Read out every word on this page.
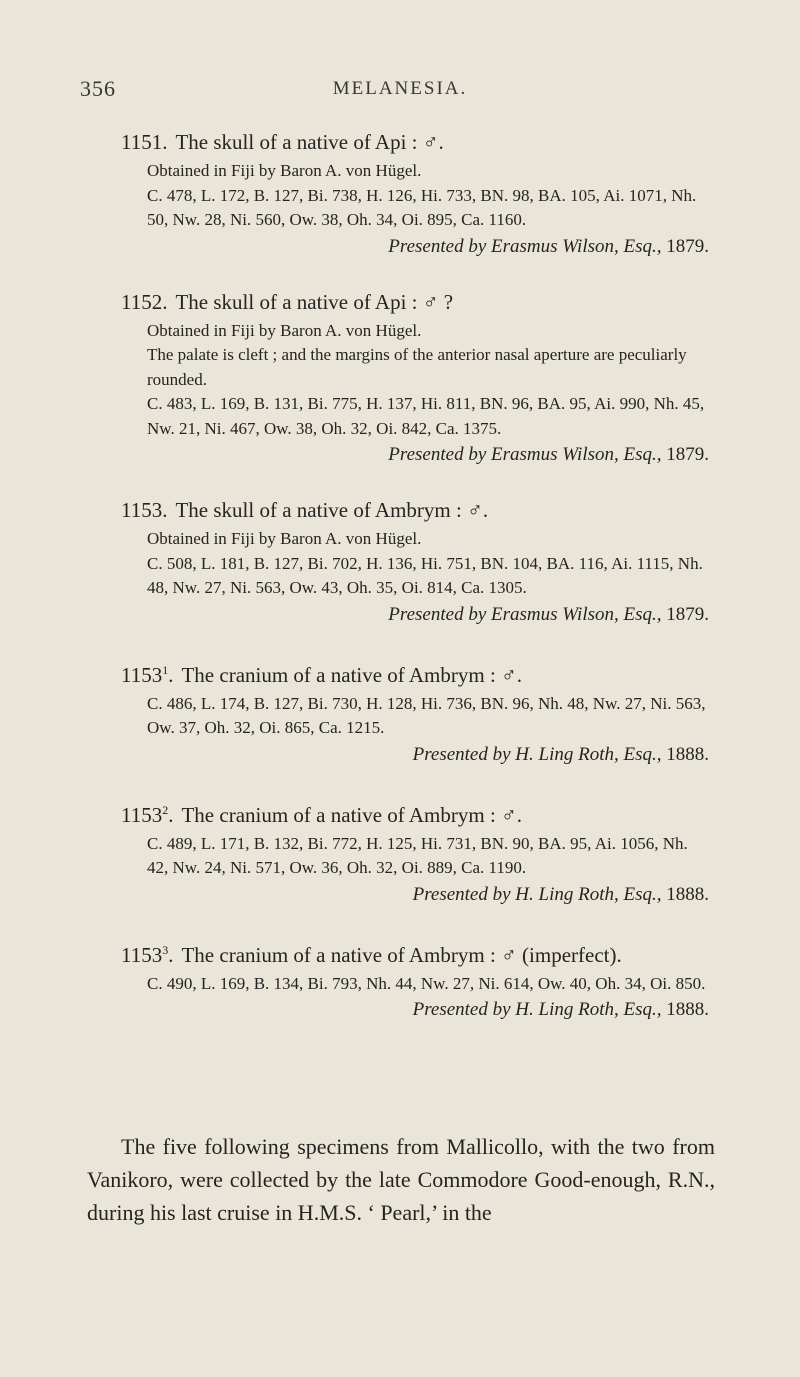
356	MELANESIA.
1151. The skull of a native of Api : ♂.

Obtained in Fiji by Baron A. von Hügel.

C. 478, L. 172, B. 127, Bi. 738, H. 126, Hi. 733, BN. 98, BA. 105, Ai. 1071, Nh. 50, Nw. 28, Ni. 560, Ow. 38, Oh. 34, Oi. 895, Ca. 1160.

Presented by Erasmus Wilson, Esq., 1879.
1152. The skull of a native of Api : ♂ ?

Obtained in Fiji by Baron A. von Hügel.

The palate is cleft ; and the margins of the anterior nasal aperture are peculiarly rounded.

C. 483, L. 169, B. 131, Bi. 775, H. 137, Hi. 811, BN. 96, BA. 95, Ai. 990, Nh. 45, Nw. 21, Ni. 467, Ow. 38, Oh. 32, Oi. 842, Ca. 1375.

Presented by Erasmus Wilson, Esq., 1879.
1153. The skull of a native of Ambrym : ♂.

Obtained in Fiji by Baron A. von Hügel.

C. 508, L. 181, B. 127, Bi. 702, H. 136, Hi. 751, BN. 104, BA. 116, Ai. 1115, Nh. 48, Nw. 27, Ni. 563, Ow. 43, Oh. 35, Oi. 814, Ca. 1305.

Presented by Erasmus Wilson, Esq., 1879.
1153$^1$. The cranium of a native of Ambrym : ♂.

C. 486, L. 174, B. 127, Bi. 730, H. 128, Hi. 736, BN. 96, Nh. 48, Nw. 27, Ni. 563, Ow. 37, Oh. 32, Oi. 865, Ca. 1215.

Presented by H. Ling Roth, Esq., 1888.
1153$^2$. The cranium of a native of Ambrym : ♂.

C. 489, L. 171, B. 132, Bi. 772, H. 125, Hi. 731, BN. 90, BA. 95, Ai. 1056, Nh. 42, Nw. 24, Ni. 571, Ow. 36, Oh. 32, Oi. 889, Ca. 1190.

Presented by H. Ling Roth, Esq., 1888.
1153$^3$. The cranium of a native of Ambrym : ♂ (imperfect).

C. 490, L. 169, B. 134, Bi. 793, Nh. 44, Nw. 27, Ni. 614, Ow. 40, Oh. 34, Oi. 850.

Presented by H. Ling Roth, Esq., 1888.

The five following specimens from Mallicollo, with the two from Vanikoro, were collected by the late Commodore Good-enough, R.N., during his last cruise in H.M.S. ‘ Pearl,’ in the
